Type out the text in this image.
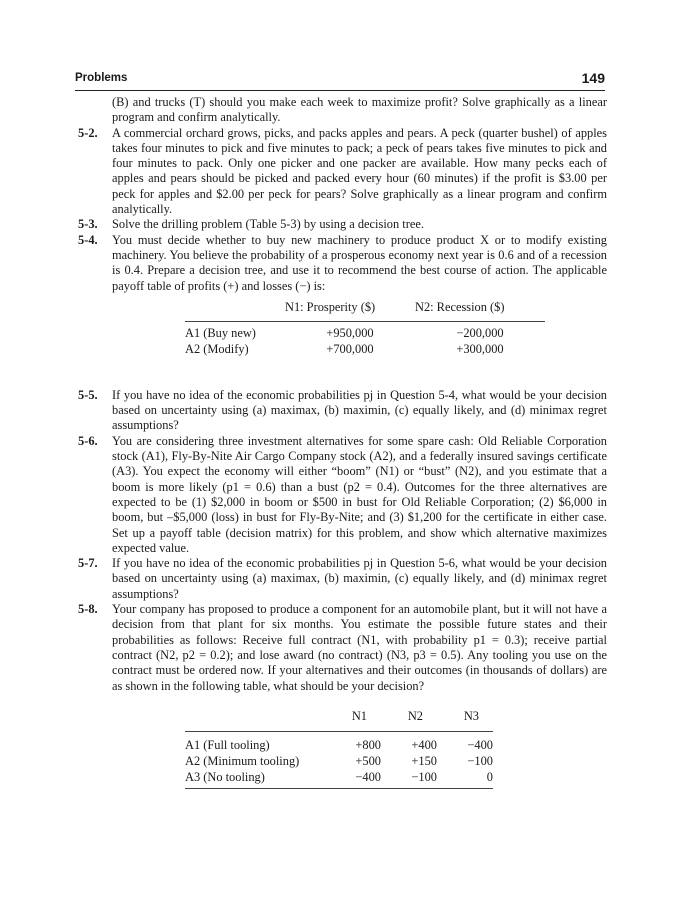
Problems	149

(B) and trucks (T) should you make each week to maximize profit? Solve graphically as a linear program and confirm analytically.

5-2. A commercial orchard grows, picks, and packs apples and pears. A peck (quarter bushel) of apples takes four minutes to pick and five minutes to pack; a peck of pears takes five minutes to pick and four minutes to pack. Only one picker and one packer are available. How many pecks each of apples and pears should be picked and packed every hour (60 minutes) if the profit is $3.00 per peck for apples and $2.00 per peck for pears? Solve graphically as a linear program and confirm analytically.

5-3. Solve the drilling problem (Table 5-3) by using a decision tree.

5-4. You must decide whether to buy new machinery to produce product X or to modify existing machinery. You believe the probability of a prosperous economy next year is 0.6 and of a recession is 0.4. Prepare a decision tree, and use it to recommend the best course of action. The applicable payoff table of profits (+) and losses (−) is:

	N1: Prosperity ($)	N2: Recession ($)
A1 (Buy new)	+950,000	−200,000
A2 (Modify)	+700,000	+300,000

5-5. If you have no idea of the economic probabilities pj in Question 5-4, what would be your decision based on uncertainty using (a) maximax, (b) maximin, (c) equally likely, and (d) minimax regret assumptions?

5-6. You are considering three investment alternatives for some spare cash: Old Reliable Corporation stock (A1), Fly-By-Nite Air Cargo Company stock (A2), and a federally insured savings certificate (A3). You expect the economy will either “boom” (N1) or “bust” (N2), and you estimate that a boom is more likely (p1 = 0.6) than a bust (p2 = 0.4). Outcomes for the three alternatives are expected to be (1) $2,000 in boom or $500 in bust for Old Reliable Corporation; (2) $6,000 in boom, but –$5,000 (loss) in bust for Fly-By-Nite; and (3) $1,200 for the certificate in either case. Set up a payoff table (decision matrix) for this problem, and show which alternative maximizes expected value.

5-7. If you have no idea of the economic probabilities pj in Question 5-6, what would be your decision based on uncertainty using (a) maximax, (b) maximin, (c) equally likely, and (d) minimax regret assumptions?

5-8. Your company has proposed to produce a component for an automobile plant, but it will not have a decision from that plant for six months. You estimate the possible future states and their probabilities as follows: Receive full contract (N1, with probability p1 = 0.3); receive partial contract (N2, p2 = 0.2); and lose award (no contract) (N3, p3 = 0.5). Any tooling you use on the contract must be ordered now. If your alternatives and their outcomes (in thousands of dollars) are as shown in the following table, what should be your decision?

	N1	N2	N3
A1 (Full tooling)	+800	+400	−400
A2 (Minimum tooling)	+500	+150	−100
A3 (No tooling)	−400	−100	0
